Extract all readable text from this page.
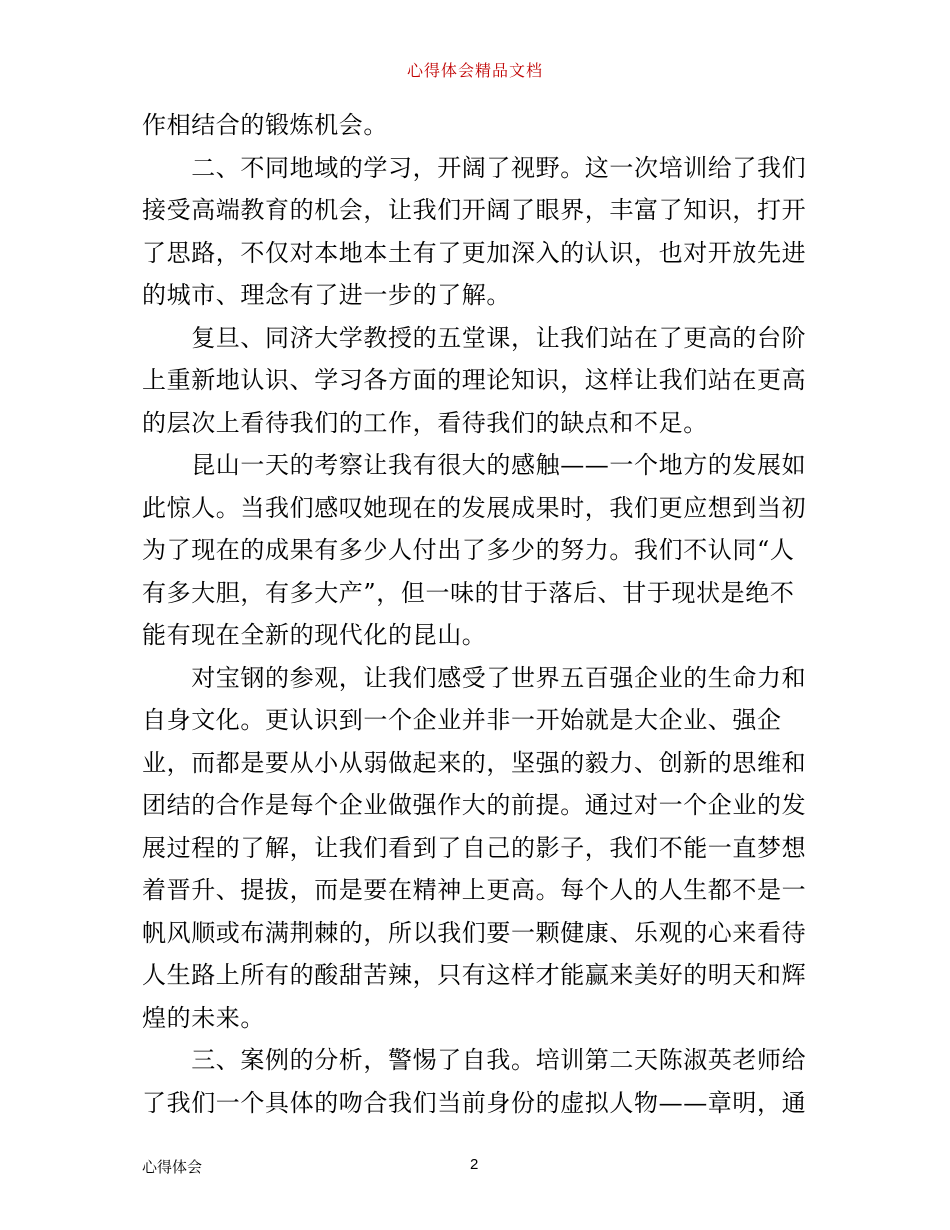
心得体会精品文档
作相结合的锻炼机会。
　　二、不同地域的学习，开阔了视野。这一次培训给了我们
接受高端教育的机会，让我们开阔了眼界，丰富了知识，打开
了思路，不仅对本地本土有了更加深入的认识，也对开放先进
的城市、理念有了进一步的了解。
　　复旦、同济大学教授的五堂课，让我们站在了更高的台阶
上重新地认识、学习各方面的理论知识，这样让我们站在更高
的层次上看待我们的工作，看待我们的缺点和不足。
　　昆山一天的考察让我有很大的感触——一个地方的发展如
此惊人。当我们感叹她现在的发展成果时，我们更应想到当初
为了现在的成果有多少人付出了多少的努力。我们不认同“人
有多大胆，有多大产”，但一味的甘于落后、甘于现状是绝不
能有现在全新的现代化的昆山。
　　对宝钢的参观，让我们感受了世界五百强企业的生命力和
自身文化。更认识到一个企业并非一开始就是大企业、强企
业，而都是要从小从弱做起来的，坚强的毅力、创新的思维和
团结的合作是每个企业做强作大的前提。通过对一个企业的发
展过程的了解，让我们看到了自己的影子，我们不能一直梦想
着晋升、提拔，而是要在精神上更高。每个人的人生都不是一
帆风顺或布满荆棘的，所以我们要一颗健康、乐观的心来看待
人生路上所有的酸甜苦辣，只有这样才能赢来美好的明天和辉
煌的未来。
　　三、案例的分析，警惕了自我。培训第二天陈淑英老师给
了我们一个具体的吻合我们当前身份的虚拟人物——章明，通
心得体会	2
